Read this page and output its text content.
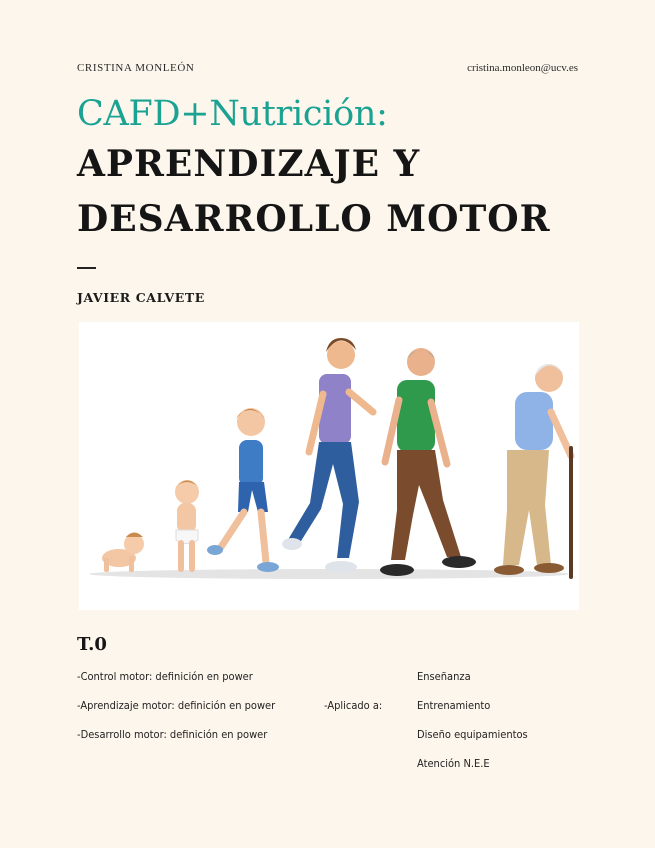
CRISTINA MONLEÓN	cristina.monleon@ucv.es
CAFD+Nutrición:
APRENDIZAJE Y
DESARROLLO MOTOR
JAVIER CALVETE
T.0
-Control motor: definición en power
-Aprendizaje motor: definición en power
-Desarrollo motor: definición en power
-Aplicado a:
Enseñanza
Entrenamiento
Diseño equipamientos
Atención N.E.E
